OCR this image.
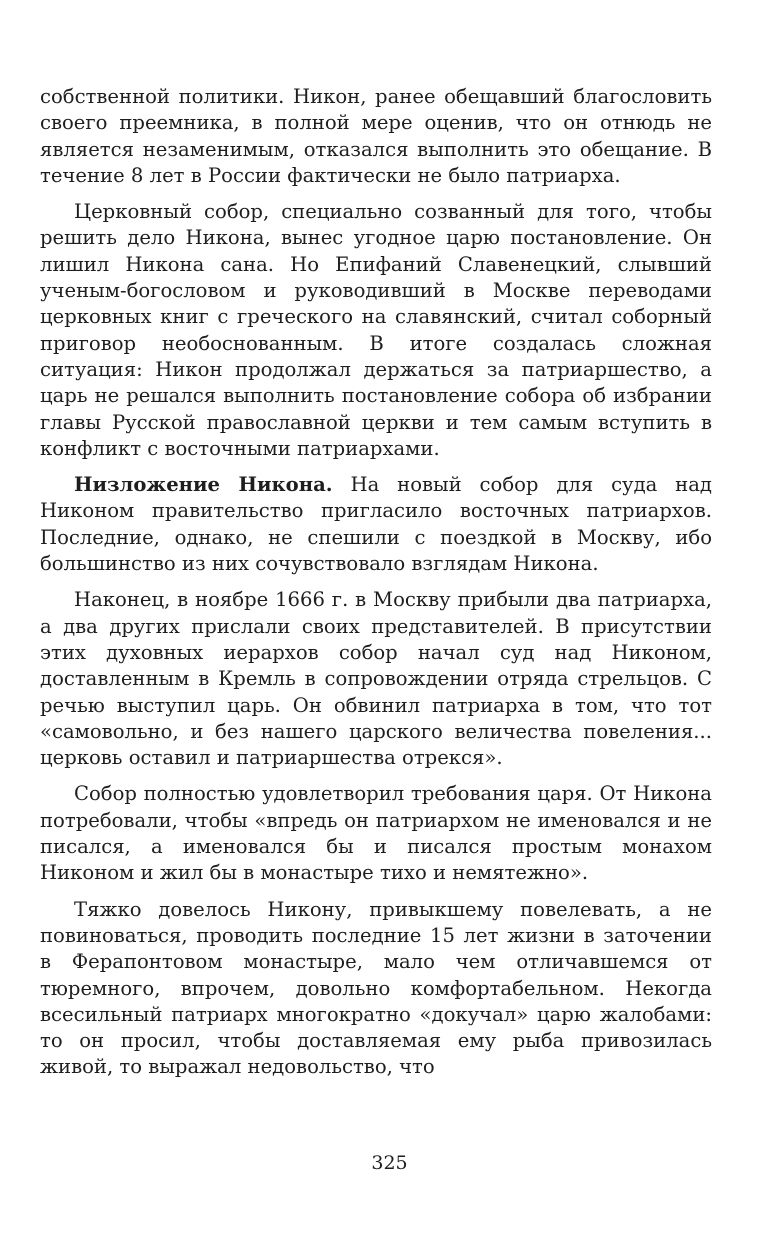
собственной политики. Никон, ранее обещавший благословить своего преемника, в полной мере оценив, что он отнюдь не является незаменимым, отказался выполнить это обещание. В течение 8 лет в России фактически не было патриарха.

Церковный собор, специально созванный для того, чтобы решить дело Никона, вынес угодное царю постановление. Он лишил Никона сана. Но Епифаний Славенецкий, слывший ученым-богословом и руководивший в Москве переводами церковных книг с греческого на славянский, считал соборный приговор необоснованным. В итоге создалась сложная ситуация: Никон продолжал держаться за патриаршество, а царь не решался выполнить постановление собора об избрании главы Русской православной церкви и тем самым вступить в конфликт с восточными патриархами.

Низложение Никона. На новый собор для суда над Никоном правительство пригласило восточных патриархов. Последние, однако, не спешили с поездкой в Москву, ибо большинство из них сочувствовало взглядам Никона.

Наконец, в ноябре 1666 г. в Москву прибыли два патриарха, а два других прислали своих представителей. В присутствии этих духовных иерархов собор начал суд над Никоном, доставленным в Кремль в сопровождении отряда стрельцов. С речью выступил царь. Он обвинил патриарха в том, что тот «самовольно, и без нашего царского величества повеления... церковь оставил и патриаршества отрекся».

Собор полностью удовлетворил требования царя. От Никона потребовали, чтобы «впредь он патриархом не именовался и не писался, а именовался бы и писался простым монахом Никоном и жил бы в монастыре тихо и немятежно».

Тяжко довелось Никону, привыкшему повелевать, а не повиноваться, проводить последние 15 лет жизни в заточении в Ферапонтовом монастыре, мало чем отличавшемся от тюремного, впрочем, довольно комфортабельном. Некогда всесильный патриарх многократно «докучал» царю жалобами: то он просил, чтобы доставляемая ему рыба привозилась живой, то выражал недовольство, что

325
